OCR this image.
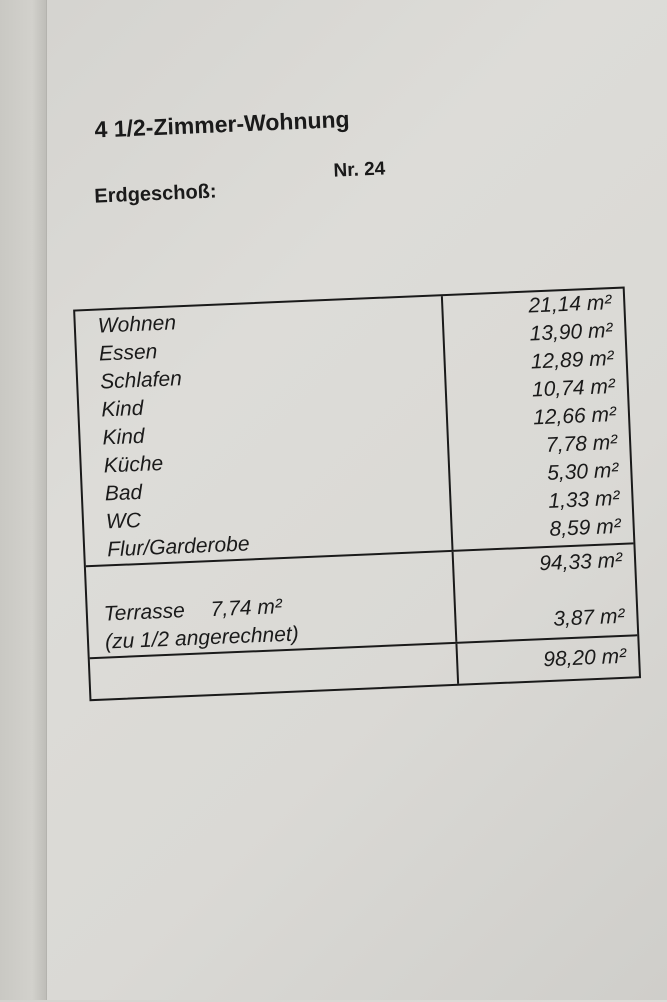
4 1/2-Zimmer-Wohnung
Erdgeschoß:
Nr. 24
Wohnen
Essen
Schlafen
Kind
Kind
Küche
Bad
WC
Flur/Garderobe
21,14 m²
13,90 m²
12,89 m²
10,74 m²
12,66 m²
7,78 m²
5,30 m²
1,33 m²
8,59 m²
Terrasse 7,74 m²
(zu 1/2 angerechnet)
94,33 m²
3,87 m²
98,20 m²
